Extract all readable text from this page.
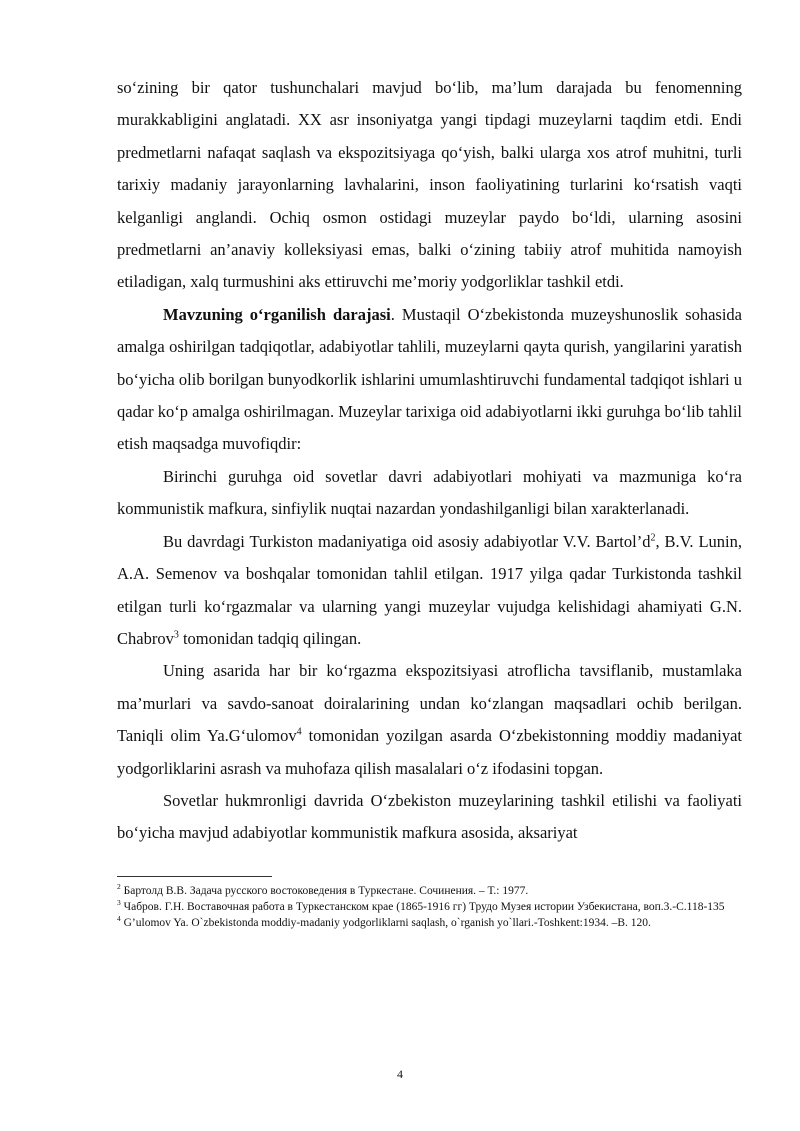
so‘zining bir qator tushunchalari mavjud bo‘lib, ma’lum darajada bu fenomenning murakkabligini anglatadi. XX asr insoniyatga yangi tipdagi muzeylarni taqdim etdi. Endi predmetlarni nafaqat saqlash va ekspozitsiyaga qo‘yish, balki ularga xos atrof muhitni, turli tarixiy madaniy jarayonlarning lavhalarini, inson faoliyatining turlarini ko‘rsatish vaqti kelganligi anglandi. Ochiq osmon ostidagi muzeylar paydo bo‘ldi, ularning asosini predmetlarni an’anaviy kolleksiyasi emas, balki o‘zining tabiiy atrof muhitida namoyish etiladigan, xalq turmushini aks ettiruvchi me’moriy yodgorliklar tashkil etdi.

Mavzuning o‘rganilish darajasi. Mustaqil O‘zbekistonda muzeyshunoslik sohasida amalga oshirilgan tadqiqotlar, adabiyotlar tahlili, muzeylarni qayta qurish, yangilarini yaratish bo‘yicha olib borilgan bunyodkorlik ishlarini umumlashtiruvchi fundamental tadqiqot ishlari u qadar ko‘p amalga oshirilmagan. Muzeylar tarixiga oid adabiyotlarni ikki guruhga bo‘lib tahlil etish maqsadga muvofiqdir:

Birinchi guruhga oid sovetlar davri adabiyotlari mohiyati va mazmuniga ko‘ra kommunistik mafkura, sinfiylik nuqtai nazardan yondashilganligi bilan xarakterlanadi.

Bu davrdagi Turkiston madaniyatiga oid asosiy adabiyotlar V.V. $Bartol’d^2$, B.V. Lunin, A.A. Semenov va boshqalar tomonidan tahlil etilgan. 1917 yilga qadar Turkistonda tashkil etilgan turli ko‘rgazmalar va ularning yangi muzeylar vujudga kelishidagi ahamiyati G.N. Chabrov$^3$ tomonidan tadqiq qilingan.

Uning asarida har bir ko‘rgazma ekspozitsiyasi atroflicha tavsiflanib, mustamlaka ma’murlari va savdo-sanoat doiralarining undan ko‘zlangan maqsadlari ochib berilgan. Taniqli olim Ya.G‘ulomov$^4$ tomonidan yozilgan asarda O‘zbekistonning moddiy madaniyat yodgorliklarini asrash va muhofaza qilish masalalari o‘z ifodasini topgan.

Sovetlar hukmronligi davrida O‘zbekiston muzeylarining tashkil etilishi va faoliyati bo‘yicha mavjud adabiyotlar kommunistik mafkura asosida, aksariyat

$^2$ Бартолд В.В. Задача русского востоковедения в Туркестане. Сочинения. – Т.: 1977.

$^3$ Чабров. Г.Н. Воставочная работа в Туркестанском крае (1865-1916 гг) Трудо Музея истории Узбекистана, воп.3.-С.118-135

$^4$ G’ulomov Ya. O`zbekistonda moddiy-madaniy yodgorliklarni saqlash, o`rganish yo`llari.-Toshkent:1934. –B. 120.

4
